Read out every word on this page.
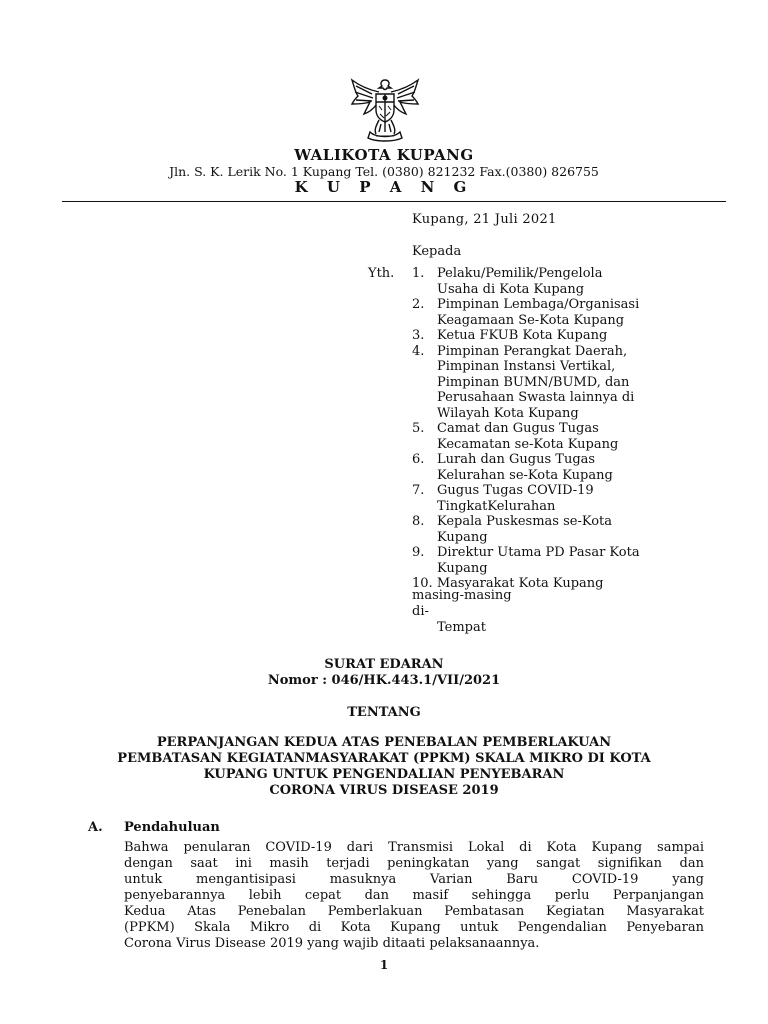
WALIKOTA KUPANG
Jln. S. K. Lerik No. 1 Kupang Tel. (0380) 821232 Fax.(0380) 826755
K U P A N G
Kupang, 21 Juli 2021
Kepada
Yth. 1. Pelaku/Pemilik/Pengelola
Usaha di Kota Kupang
2. Pimpinan Lembaga/Organisasi
Keagamaan Se-Kota Kupang
3. Ketua FKUB Kota Kupang
4. Pimpinan Perangkat Daerah,
Pimpinan Instansi Vertikal,
Pimpinan BUMN/BUMD, dan
Perusahaan Swasta lainnya di
Wilayah Kota Kupang
5. Camat dan Gugus Tugas
Kecamatan se-Kota Kupang
6. Lurah dan Gugus Tugas
Kelurahan se-Kota Kupang
7. Gugus Tugas COVID-19
TingkatKelurahan
8. Kepala Puskesmas se-Kota
Kupang
9. Direktur Utama PD Pasar Kota
Kupang
10.
Masyarakat Kota Kupang
masing-masing
di-
Tempat
SURAT EDARAN
Nomor : 046/HK.443.1/VII/2021
TENTANG
PERPANJANGAN KEDUA ATAS PENEBALAN PEMBERLAKUAN
PEMBATASAN KEGIATANMASYARAKAT (PPKM) SKALA MIKRO DI KOTA
KUPANG UNTUK PENGENDALIAN PENYEBARAN
CORONA VIRUS DISEASE 2019
A. Pendahuluan
Bahwa penularan COVID-19 dari Transmisi Lokal di Kota Kupang sampai
dengan saat ini masih terjadi peningkatan yang sangat signifikan dan
untuk mengantisipasi masuknya Varian Baru COVID-19 yang
penyebarannya lebih cepat dan masif sehingga perlu Perpanjangan
Kedua Atas Penebalan Pemberlakuan Pembatasan Kegiatan Masyarakat
(PPKM) Skala Mikro di Kota Kupang untuk Pengendalian Penyebaran
Corona Virus Disease 2019 yang wajib ditaati pelaksanaannya.
1
